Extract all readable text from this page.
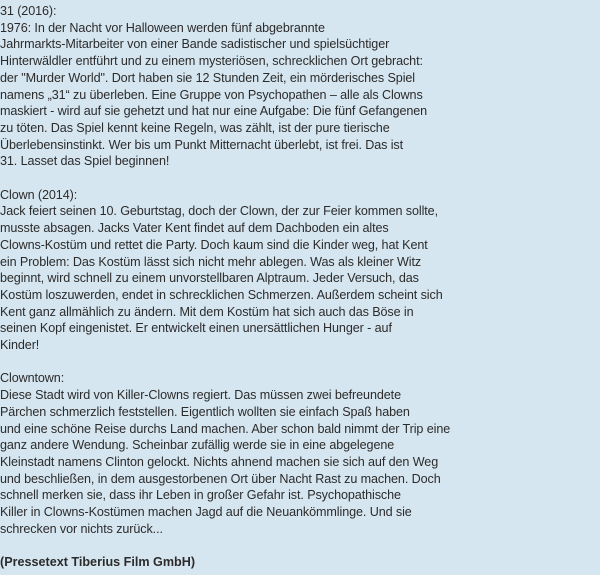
31 (2016):
1976: In der Nacht vor Halloween werden fünf abgebrannte
Jahrmarkts-Mitarbeiter von einer Bande sadistischer und spielsüchtiger
Hinterwäldler entführt und zu einem mysteriösen, schrecklichen Ort gebracht:
der "Murder World". Dort haben sie 12 Stunden Zeit, ein mörderisches Spiel
namens „31“ zu überleben. Eine Gruppe von Psychopathen – alle als Clowns
maskiert - wird auf sie gehetzt und hat nur eine Aufgabe: Die fünf Gefangenen
zu töten. Das Spiel kennt keine Regeln, was zählt, ist der pure tierische
Überlebensinstinkt. Wer bis um Punkt Mitternacht überlebt, ist frei. Das ist
31. Lasset das Spiel beginnen!
Clown (2014):
Jack feiert seinen 10. Geburtstag, doch der Clown, der zur Feier kommen sollte,
musste absagen. Jacks Vater Kent findet auf dem Dachboden ein altes
Clowns-Kostüm und rettet die Party. Doch kaum sind die Kinder weg, hat Kent
ein Problem: Das Kostüm lässt sich nicht mehr ablegen. Was als kleiner Witz
beginnt, wird schnell zu einem unvorstellbaren Alptraum. Jeder Versuch, das
Kostüm loszuwerden, endet in schrecklichen Schmerzen. Außerdem scheint sich
Kent ganz allmählich zu ändern. Mit dem Kostüm hat sich auch das Böse in
seinen Kopf eingenistet. Er entwickelt einen unersättlichen Hunger - auf
Kinder!
Clowntown:
Diese Stadt wird von Killer-Clowns regiert. Das müssen zwei befreundete
Pärchen schmerzlich feststellen. Eigentlich wollten sie einfach Spaß haben
und eine schöne Reise durchs Land machen. Aber schon bald nimmt der Trip eine
ganz andere Wendung. Scheinbar zufällig werde sie in eine abgelegene
Kleinstadt namens Clinton gelockt. Nichts ahnend machen sie sich auf den Weg
und beschließen, in dem ausgestorbenen Ort über Nacht Rast zu machen. Doch
schnell merken sie, dass ihr Leben in großer Gefahr ist. Psychopathische
Killer in Clowns-Kostümen machen Jagd auf die Neuankömmlinge. Und sie
schrecken vor nichts zurück...
(Pressetext Tiberius Film GmbH)
